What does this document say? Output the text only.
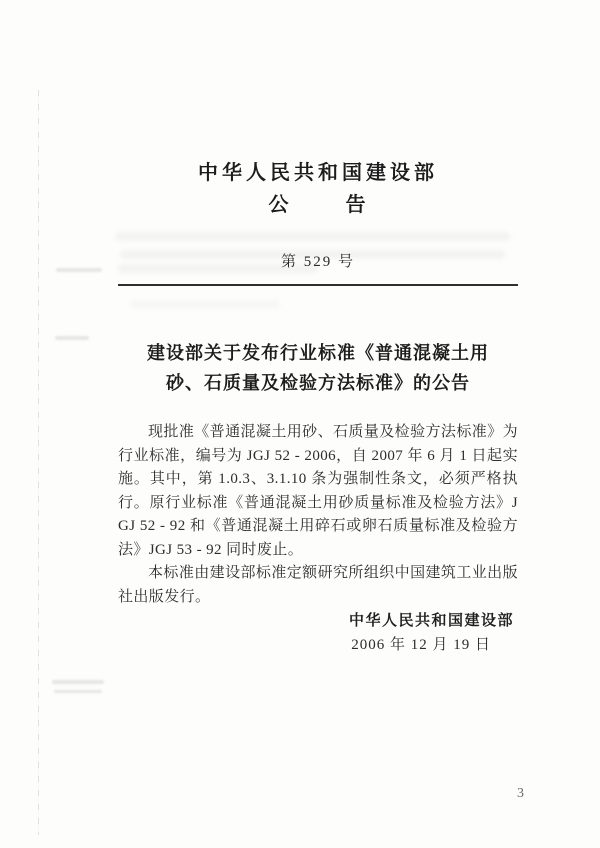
中华人民共和国建设部
公 告
第 529 号
建设部关于发布行业标准《普通混凝土用
砂、石质量及检验方法标准》的公告

现批准《普通混凝土用砂、石质量及检验方法标准》为行业标准，编号为 JGJ 52 - 2006，自 2007 年 6 月 1 日起实施。其中，第 1.0.3、3.1.10 条为强制性条文，必须严格执行。原行业标准《普通混凝土用砂质量标准及检验方法》JGJ 52 - 92 和《普通混凝土用碎石或卵石质量标准及检验方法》JGJ 53 - 92 同时废止。

本标准由建设部标准定额研究所组织中国建筑工业出版社出版发行。

中华人民共和国建设部
2006 年 12 月 19 日
3
